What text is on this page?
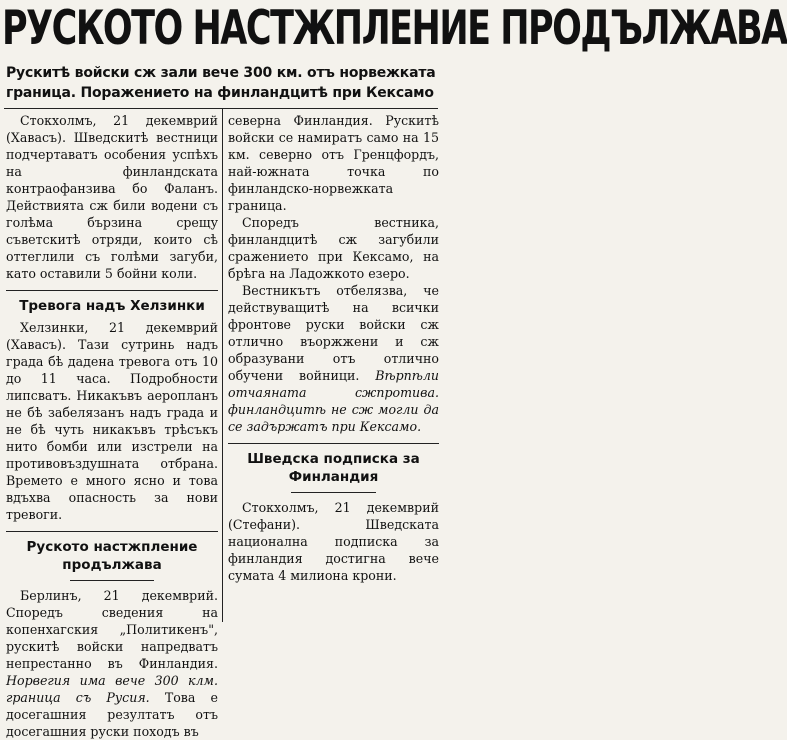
РУСКОТО НАСТЖПЛЕНИЕ ПРОДЪЛЖАВА
Рускитѣ войски сж зали вече 300 км. отъ норвежката граница. Поражението на финландцитѣ при Кексамо

Стокхолмъ, 21 декемврий (Хавасъ). Шведскитѣ вестници подчертаватъ особения успѣхъ на финландската контраофанзива бо Фаланъ. Действията сж били водени съ голѣма бързина срещу съветскитѣ отряди, които сѣ оттеглили съ голѣми загуби, като оставили 5 бойни коли.

Тревога надъ Хелзинки

Хелзинки, 21 декемврий (Хавасъ). Тази сутринь надъ града бѣ дадена тревога отъ 10 до 11 часа. Подробности липсватъ. Никакъвъ аеропланъ не бѣ забелязанъ надъ града и не бѣ чуть никакъвъ трѣсъкъ нито бомби или изстрели на противовъздушната отбрана. Времето е много ясно и това вдъхва опасность за нови тревоги.

Руското настжпление продължава

Берлинъ, 21 декемврий. Споредъ сведения на копенхагския „Политикенъ", рускитѣ войски напредватъ непрестанно въ Финландия. Норвегия има вече 300 клм. граница съ Русия. Това е досегашния резултатъ отъ досегашния руски походъ въ

северна Финландия. Рускитѣ войски се намиратъ само на 15 км. северно отъ Гренцфордъ, най-южната точка по финландско-норвежката граница.

Споредъ вестника, финландцитѣ сж загубили сражението при Кексамо, на брѣга на Ладожкото езеро.

Вестникътъ отбелязва, че действуващитѣ на всички фронтове руски войски сж отлично въоржжени и сж образувани отъ отлично обучени войници. Вѣрпѣли отчаяната сжпротива. финландцитѣ не сж могли да се задържатъ при Кексамо.

Шведска подписка за Финландия

Стокхолмъ, 21 декемврий (Стефани). Шведската национална подписка за финландия достигна вече сумата 4 милиона крони.
